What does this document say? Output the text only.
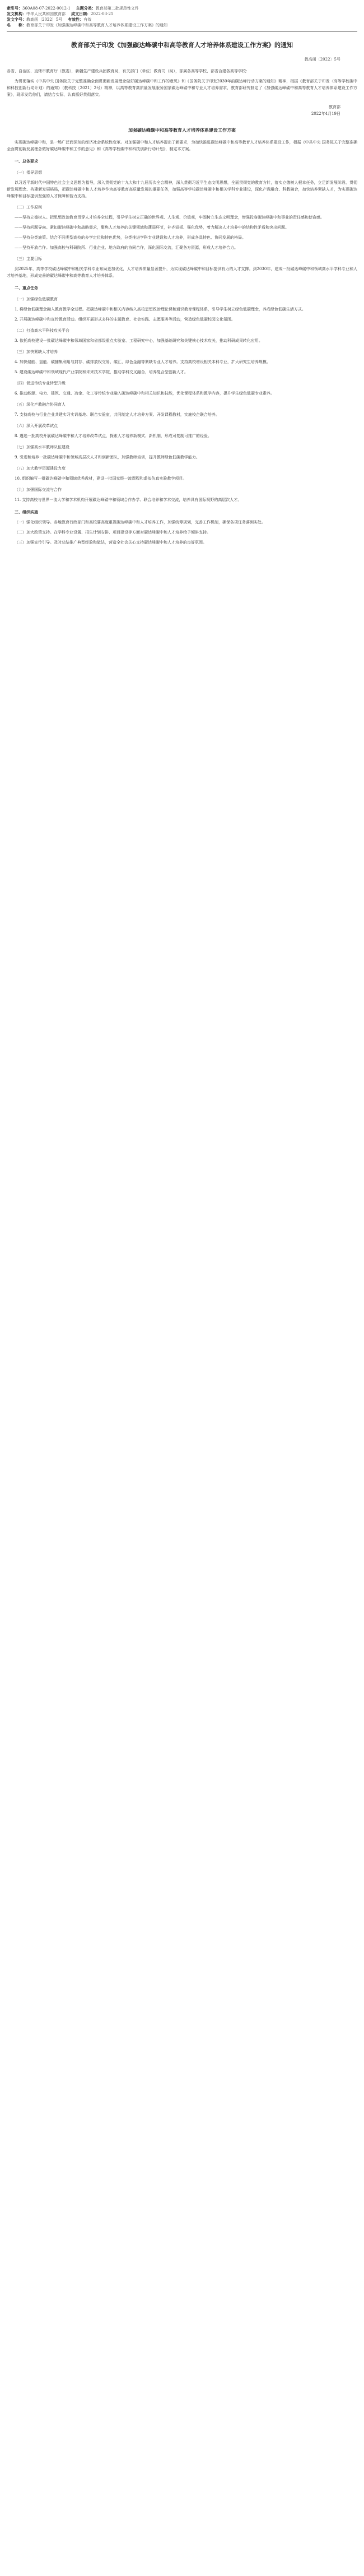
索引号：360A08-07-2022-0012-1 主题分类：教育部第二批规范性文件
发文机构：中华人民共和国教育部 成文日期：2022-03-21
发文字号：教高函〔2022〕5号 有效性：有效
名　　称：教育部关于印发《加强碳达峰碳中和高等教育人才培养体系建设工作方案》的通知
教育部关于印发《加强碳达峰碳中和高等教育人才培养体系建设工作方案》的通知
教高函〔2022〕5号

各省、自治区、直辖市教育厅（教委），新疆生产建设兵团教育局，有关部门（单位）教育司（局），部属各高等学校、部省合建各高等学校：

为贯彻落实《中共中央 国务院关于完整准确全面贯彻新发展理念做好碳达峰碳中和工作的意见》和《国务院关于印发2030年前碳达峰行动方案的通知》精神，根据《教育部关于印发〈高等学校碳中和科技创新行动计划〉的通知》（教科技〔2021〕2号）精神，以高等教育高质量发展服务国家碳达峰碳中和专业人才培养需求，教育部研究制定了《加强碳达峰碳中和高等教育人才培养体系建设工作方案》，现印发给你们，请结合实际，认真抓好贯彻落实。

教育部
2022年4月19日
加强碳达峰碳中和高等教育人才培养体系建设工作方案

实现碳达峰碳中和，是一场广泛而深刻的经济社会系统性变革。对加强碳中和人才培养提出了新要求，为加快推进碳达峰碳中和高等教育人才培养体系建设工作，根据《中共中央 国务院关于完整准确全面贯彻新发展理念做好碳达峰碳中和工作的意见》和《高等学校碳中和科技创新行动计划》，制定本方案。

一、总体要求
（一）指导思想

以习近平新时代中国特色社会主义思想为指导，深入贯彻党的十九大和十九届历次全会精神，深入贯彻习近平生态文明思想，全面贯彻党的教育方针，落实立德树人根本任务，立足新发展阶段、贯彻新发展理念、构建新发展格局，把碳达峰碳中和人才培养作为高等教育高质量发展的重要任务，加强高等学校碳达峰碳中和相关学科专业建设，深化产教融合、科教融合，加快培养紧缺人才，为实现碳达峰碳中和目标提供坚强的人才保障和智力支持。

（二）工作原则

——坚持立德树人。把思想政治教育贯穿人才培养全过程，引导学生树立正确的世界观、人生观、价值观，牢固树立生态文明理念，增强投身碳达峰碳中和事业的责任感和使命感。

——坚持问题导向。紧扣碳达峰碳中和战略需求，聚焦人才培养的关键领域和薄弱环节，补齐短板、强化优势，着力解决人才培养中的结构性矛盾和突出问题。

——坚持分类施策。结合不同类型高校的办学定位和特色优势，分类推进学科专业建设和人才培养，形成各具特色、协同发展的格局。

——坚持开放合作。加强高校与科研院所、行业企业、地方政府的协同合作，深化国际交流，汇聚各方资源，形成人才培养合力。

（三）主要目标

到2025年，高等学校碳达峰碳中和相关学科专业布局更加优化，人才培养质量显著提升，为实现碳达峰碳中和目标提供有力的人才支撑。到2030年，建成一批碳达峰碳中和领域高水平学科专业和人才培养基地，形成完善的碳达峰碳中和高等教育人才培养体系。

二、重点任务
（一）加强绿色低碳教育

1. 将绿色低碳理念融入教育教学全过程。把碳达峰碳中和相关内容纳入高校思想政治理论课和通识教育课程体系，引导学生树立绿色低碳理念，养成绿色低碳生活方式。

2. 开展碳达峰碳中和宣传教育活动。组织开展形式多样的主题教育、社会实践、志愿服务等活动，营造绿色低碳校园文化氛围。

（二）打造高水平科技攻关平台

3. 依托高校建设一批碳达峰碳中和领域国家和省部级重点实验室、工程研究中心，加强基础研究和关键核心技术攻关，推动科研成果转化应用。

（三）加快紧缺人才培养

4. 加快储能、氢能、碳捕集利用与封存、碳排放权交易、碳汇、绿色金融等紧缺专业人才培养。支持高校增设相关本科专业，扩大研究生培养规模。

5. 建设碳达峰碳中和领域现代产业学院和未来技术学院，推动学科交叉融合，培养复合型创新人才。

（四）促进传统专业转型升级

6. 推动能源、电力、建筑、交通、冶金、化工等传统专业融入碳达峰碳中和相关知识和技能，优化课程体系和教学内容，提升学生绿色低碳专业素养。

（五）深化产教融合协同育人

7. 支持高校与行业企业共建实习实训基地、联合实验室，共同制定人才培养方案、开发课程教材，实施校企联合培养。

（六）深入开展改革试点

8. 遴选一批高校开展碳达峰碳中和人才培养改革试点，探索人才培养新模式、新机制，形成可复制可推广的经验。

（七）加强高水平教师队伍建设

9. 引进和培养一批碳达峰碳中和领域高层次人才和创新团队，加强教师培训，提升教师绿色低碳教学能力。

（八）加大教学资源建设力度

10. 组织编写一批碳达峰碳中和领域优秀教材，建设一批国家级一流课程和虚拟仿真实验教学项目。

（九）加强国际交流与合作

11. 支持高校与世界一流大学和学术机构开展碳达峰碳中和领域合作办学、联合培养和学术交流，培养具有国际视野的高层次人才。

三、组织实施

（一）强化组织领导。各地教育行政部门和高校要高度重视碳达峰碳中和人才培养工作，加强统筹规划，完善工作机制，确保各项任务落到实处。

（二）加大政策支持。在学科专业设置、招生计划安排、项目建设等方面对碳达峰碳中和人才培养给予倾斜支持。

（三）加强宣传引导。及时总结推广典型经验和做法，营造全社会关心支持碳达峰碳中和人才培养的良好氛围。
